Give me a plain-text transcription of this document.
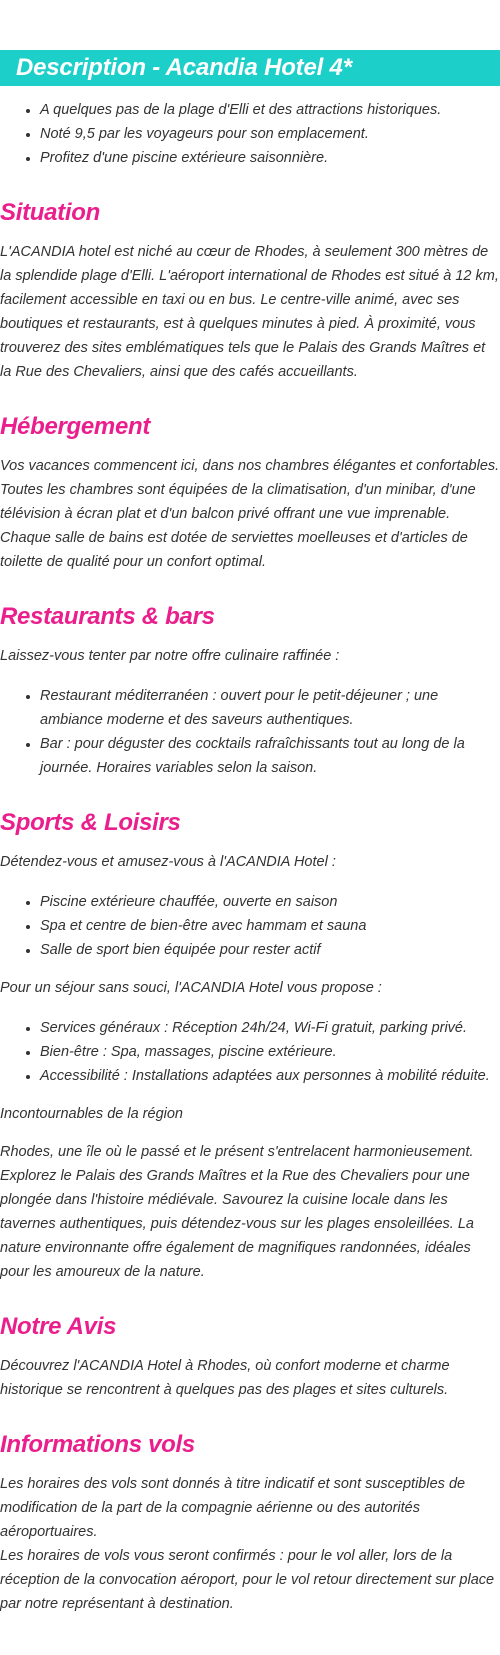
Description - Acandia Hotel 4*
• A quelques pas de la plage d'Elli et des attractions historiques.
• Noté 9,5 par les voyageurs pour son emplacement.
• Profitez d'une piscine extérieure saisonnière.
Situation

L'ACANDIA hotel est niché au cœur de Rhodes, à seulement 300 mètres de la splendide plage d'Elli. L'aéroport international de Rhodes est situé à 12 km, facilement accessible en taxi ou en bus. Le centre-ville animé, avec ses boutiques et restaurants, est à quelques minutes à pied. À proximité, vous trouverez des sites emblématiques tels que le Palais des Grands Maîtres et la Rue des Chevaliers, ainsi que des cafés accueillants.

Hébergement

Vos vacances commencent ici, dans nos chambres élégantes et confortables. Toutes les chambres sont équipées de la climatisation, d'un minibar, d'une télévision à écran plat et d'un balcon privé offrant une vue imprenable. Chaque salle de bains est dotée de serviettes moelleuses et d'articles de toilette de qualité pour un confort optimal.

Restaurants & bars

Laissez-vous tenter par notre offre culinaire raffinée :

• Restaurant méditerranéen : ouvert pour le petit-déjeuner ; une ambiance moderne et des saveurs authentiques.
• Bar : pour déguster des cocktails rafraîchissants tout au long de la journée. Horaires variables selon la saison.
Sports & Loisirs

Détendez-vous et amusez-vous à l'ACANDIA Hotel :

• Piscine extérieure chauffée, ouverte en saison
• Spa et centre de bien-être avec hammam et sauna
• Salle de sport bien équipée pour rester actif

Pour un séjour sans souci, l'ACANDIA Hotel vous propose :

• Services généraux : Réception 24h/24, Wi-Fi gratuit, parking privé.
• Bien-être : Spa, massages, piscine extérieure.
• Accessibilité : Installations adaptées aux personnes à mobilité réduite.

Incontournables de la région

Rhodes, une île où le passé et le présent s'entrelacent harmonieusement. Explorez le Palais des Grands Maîtres et la Rue des Chevaliers pour une plongée dans l'histoire médiévale. Savourez la cuisine locale dans les tavernes authentiques, puis détendez-vous sur les plages ensoleillées. La nature environnante offre également de magnifiques randonnées, idéales pour les amoureux de la nature.

Notre Avis

Découvrez l'ACANDIA Hotel à Rhodes, où confort moderne et charme historique se rencontrent à quelques pas des plages et sites culturels.

Informations vols

Les horaires des vols sont donnés à titre indicatif et sont susceptibles de modification de la part de la compagnie aérienne ou des autorités aéroportuaires.

Les horaires de vols vous seront confirmés : pour le vol aller, lors de la réception de la convocation aéroport, pour le vol retour directement sur place par notre représentant à destination.
